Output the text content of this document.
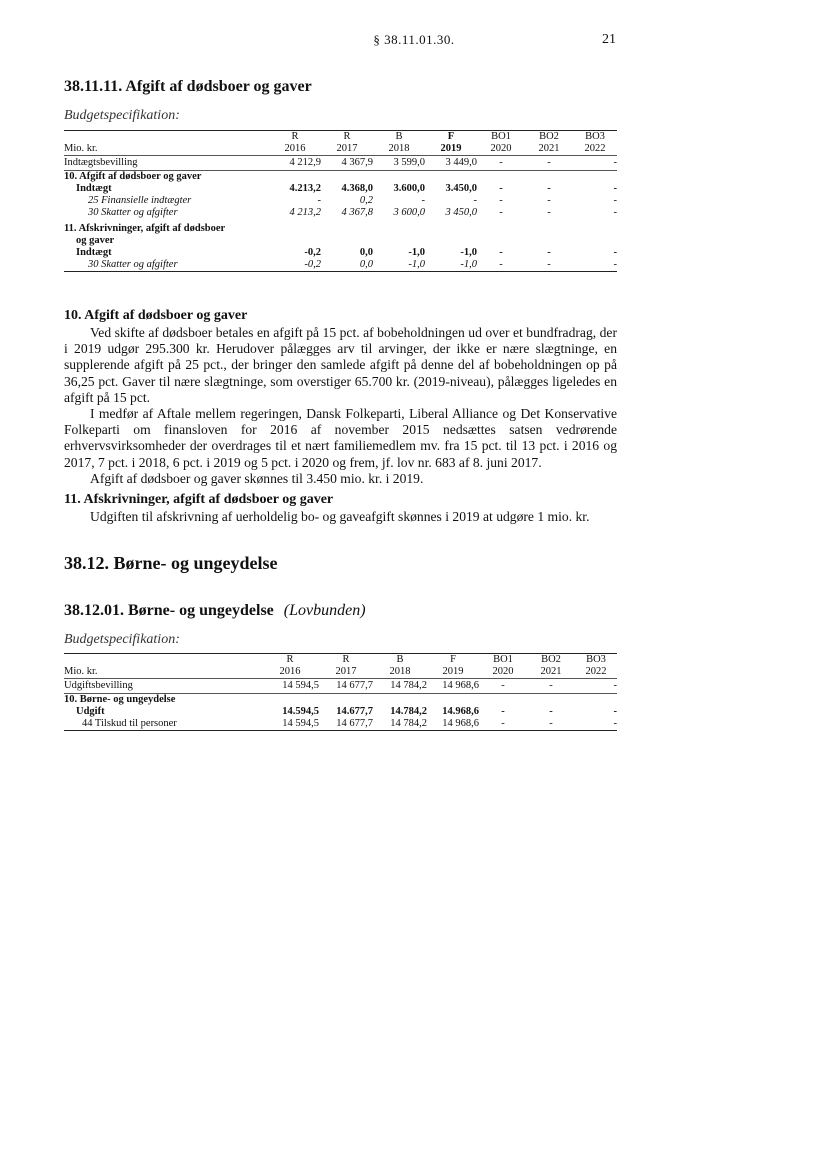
§ 38.11.01.30.	21
38.11.11. Afgift af dødsboer og gaver
Budgetspecifikation:
	R	R	B	F	BO1	BO2	BO3
Mio. kr.	2016	2017	2018	2019	2020	2021	2022
Indtægtsbevilling	4 212,9	4 367,9	3 599,0	3 449,0	-	-	-
10. Afgift af dødsboer og gaver							
Indtægt	4.213,2	4.368,0	3.600,0	3.450,0	-	-	-
25 Finansielle indtægter	-	0,2	-	-	-	-	-
30 Skatter og afgifter	4 213,2	4 367,8	3 600,0	3 450,0	-	-	-
11. Afskrivninger, afgift af dødsboer							
og gaver							
Indtægt	-0,2	0,0	-1,0	-1,0	-	-	-
30 Skatter og afgifter	-0,2	0,0	-1,0	-1,0	-	-	-
10. Afgift af dødsboer og gaver
Ved skifte af dødsboer betales en afgift på 15 pct. af bobeholdningen ud over et bundfradrag, der i 2019 udgør 295.300 kr. Herudover pålægges arv til arvinger, der ikke er nære slægtninge, en supplerende afgift på 25 pct., der bringer den samlede afgift på denne del af bobeholdningen op på 36,25 pct. Gaver til nære slægtninge, som overstiger 65.700 kr. (2019-niveau), pålægges ligeledes en afgift på 15 pct.
I medfør af Aftale mellem regeringen, Dansk Folkeparti, Liberal Alliance og Det Konservative Folkeparti om finansloven for 2016 af november 2015 nedsættes satsen vedrørende erhvervsvirksomheder der overdrages til et nært familiemedlem mv. fra 15 pct. til 13 pct. i 2016 og 2017, 7 pct. i 2018, 6 pct. i 2019 og 5 pct. i 2020 og frem, jf. lov nr. 683 af 8. juni 2017.
Afgift af dødsboer og gaver skønnes til 3.450 mio. kr. i 2019.
11. Afskrivninger, afgift af dødsboer og gaver
Udgiften til afskrivning af uerholdelig bo- og gaveafgift skønnes i 2019 at udgøre 1 mio. kr.
38.12. Børne- og ungeydelse
38.12.01. Børne- og ungeydelse (Lovbunden)
Budgetspecifikation:
	R	R	B	F	BO1	BO2	BO3
Mio. kr.	2016	2017	2018	2019	2020	2021	2022
Udgiftsbevilling	14 594,5	14 677,7	14 784,2	14 968,6	-	-	-
10. Børne- og ungeydelse							
Udgift	14.594,5	14.677,7	14.784,2	14.968,6	-	-	-
44 Tilskud til personer	14 594,5	14 677,7	14 784,2	14 968,6	-	-	-
